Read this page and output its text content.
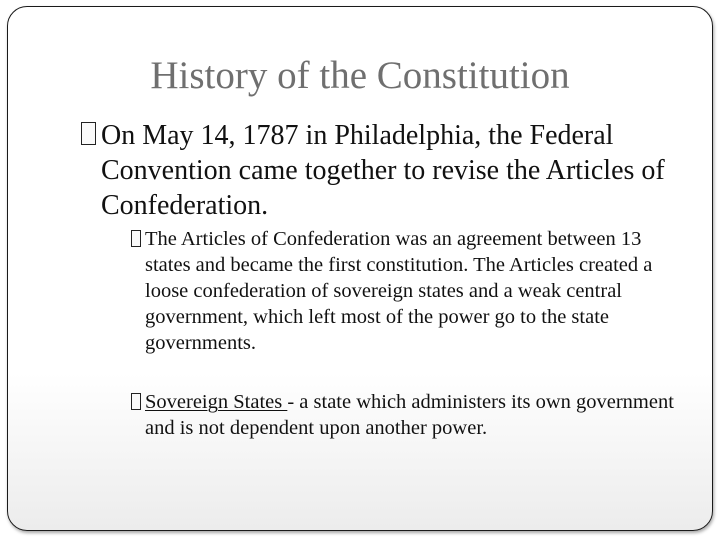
History of the Constitution
On May 14, 1787 in Philadelphia, the Federal Convention came together to revise the Articles of Confederation.
The Articles of Confederation was an agreement between 13 states and became the first constitution. The Articles created a loose confederation of sovereign states and a weak central government, which left most of the power go to the state governments.
Sovereign States - a state which administers its own government and is not dependent upon another power.
